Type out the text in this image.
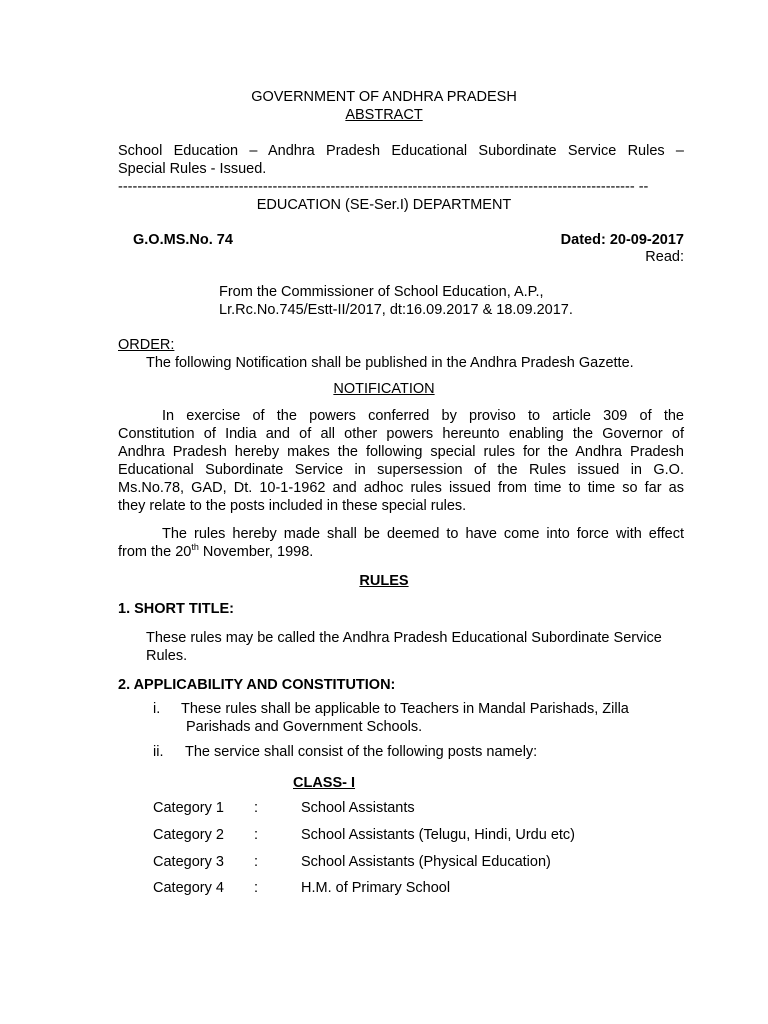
GOVERNMENT OF ANDHRA PRADESH
ABSTRACT
School Education – Andhra Pradesh Educational Subordinate Service Rules –
Special Rules - Issued.
----------------------------------------------------------------------------------------------------------- --
EDUCATION (SE-Ser.I) DEPARTMENT
G.O.MS.No. 74	Dated: 20-09-2017
Read:
From the Commissioner of School Education, A.P.,
Lr.Rc.No.745/Estt-II/2017, dt:16.09.2017 & 18.09.2017.
ORDER:
The following Notification shall be published in the Andhra Pradesh Gazette.
NOTIFICATION
In exercise of the powers conferred by proviso to article 309 of the
Constitution of India and of all other powers hereunto enabling the Governor of
Andhra Pradesh hereby makes the following special rules for the Andhra Pradesh
Educational Subordinate Service in supersession of the Rules issued in G.O.
Ms.No.78, GAD, Dt. 10-1-1962 and adhoc rules issued from time to time so far as
they relate to the posts included in these special rules.
The rules hereby made shall be deemed to have come into force with effect
from the 20th November, 1998.
RULES
1. SHORT TITLE:
These rules may be called the Andhra Pradesh Educational Subordinate Service
Rules.
2. APPLICABILITY AND CONSTITUTION:
i. These rules shall be applicable to Teachers in Mandal Parishads, Zilla
Parishads and Government Schools.
ii. The service shall consist of the following posts namely:
CLASS- I
Category 1 :	School Assistants
Category 2 :	School Assistants (Telugu, Hindi, Urdu etc)
Category 3 :	School Assistants (Physical Education)
Category 4 :	H.M. of Primary School
